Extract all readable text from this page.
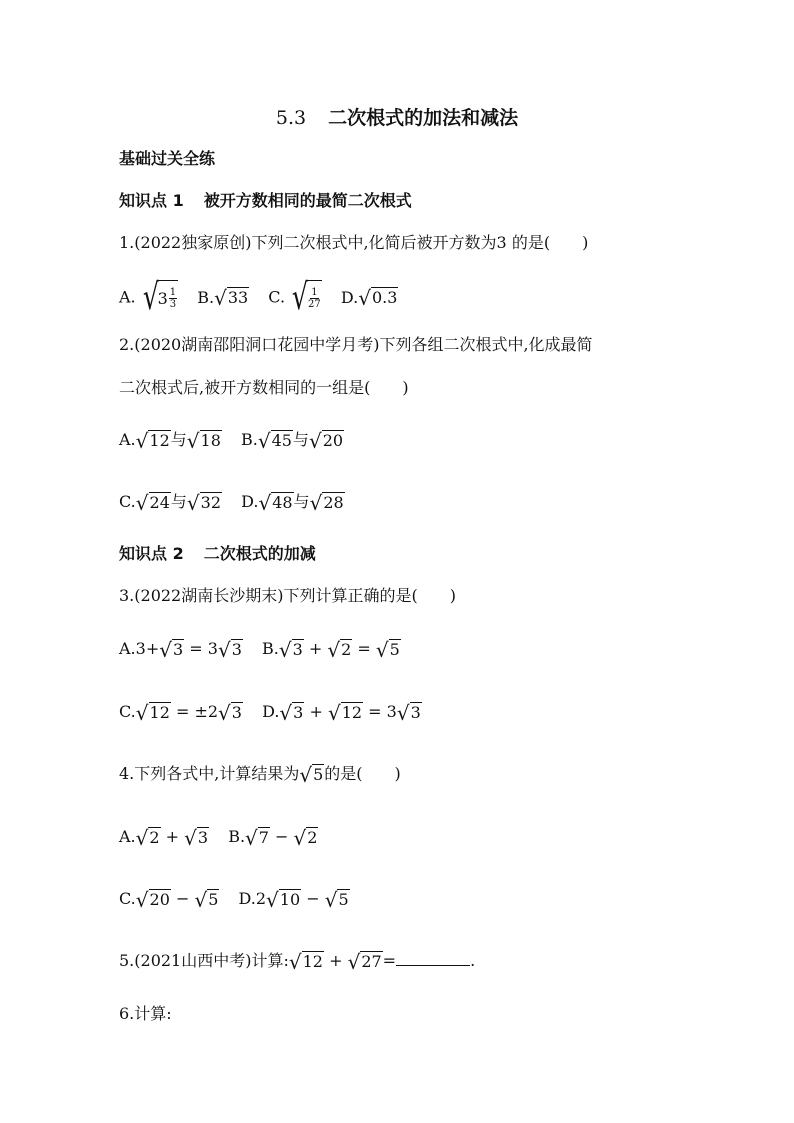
5.3 二次根式的加法和减法
基础过关全练
知识点 1 被开方数相同的最简二次根式
1.(2022独家原创)下列二次根式中,化简后被开方数为3 的是(　　)
A. √ $3 \frac{1}{3} B$. √ 33 C. √ $\frac{1}{27} D$. √ 0.3
2.(2020湖南邵阳洞口花园中学月考)下列各组二次根式中,化成最简
二次根式后,被开方数相同的一组是(　　)
A. √ 12 与 √ 18 B. √ 45 与 √ 20
C. √ 24 与 √ 32 D. √ 48 与 √ 28
知识点 2 二次根式的加减
3.(2022湖南长沙期末)下列计算正确的是(　　)
A.3+ √ 3 = 3 √ 3 B. √ 3 + √ 2 = √ 5
C. √ 12 = ±2 √ 3 D. √ 3 + √ 12 = 3 √ 3
4.下列各式中,计算结果为 √ 5 的是(　　)
A. √ 2 + √ 3 B. √ 7 − √ 2
C. √ 20 − √ 5 D.2 √ 10 − √ 5
5.(2021山西中考)计算: √ 12 + √ 27 =	.
6.计算:
